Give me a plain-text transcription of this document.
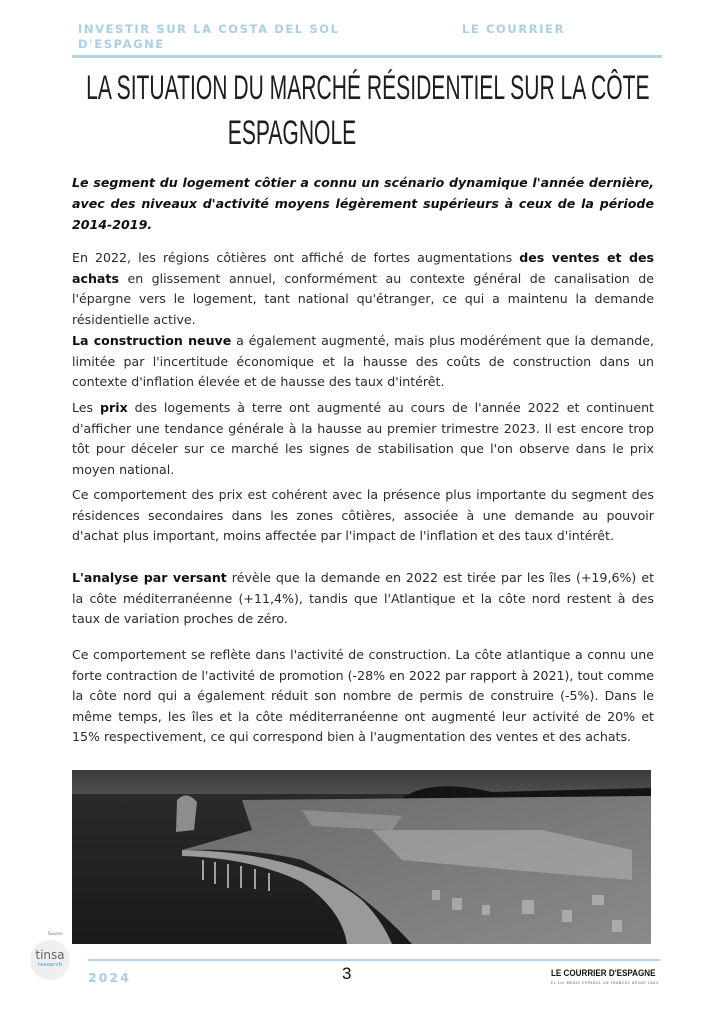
INVESTIR SUR LA COSTA DEL SOL
D'ESPAGNE
LE COURRIER
LA SITUATION DU MARCHÉ RÉSIDENTIEL SUR LA CÔTE
ESPAGNOLE
Le segment du logement côtier a connu un scénario dynamique l'année dernière, avec des niveaux d'activité moyens légèrement supérieurs à ceux de la période 2014-2019.
En 2022, les régions côtières ont affiché de fortes augmentations des ventes et des achats en glissement annuel, conformément au contexte général de canalisation de l'épargne vers le logement, tant national qu'étranger, ce qui a maintenu la demande résidentielle active.
La construction neuve a également augmenté, mais plus modérément que la demande, limitée par l'incertitude économique et la hausse des coûts de construction dans un contexte d'inflation élevée et de hausse des taux d'intérêt.
Les prix des logements à terre ont augmenté au cours de l'année 2022 et continuent d'afficher une tendance générale à la hausse au premier trimestre 2023. Il est encore trop tôt pour déceler sur ce marché les signes de stabilisation que l'on observe dans le prix moyen national.
Ce comportement des prix est cohérent avec la présence plus importante du segment des résidences secondaires dans les zones côtières, associée à une demande au pouvoir d'achat plus important, moins affectée par l'impact de l'inflation et des taux d'intérêt.
L'analyse par versant révèle que la demande en 2022 est tirée par les îles (+19,6%) et la côte méditerranéenne (+11,4%), tandis que l'Atlantique et la côte nord restent à des taux de variation proches de zéro.
Ce comportement se reflète dans l'activité de construction. La côte atlantique a connu une forte contraction de l'activité de promotion (-28% en 2022 par rapport à 2021), tout comme la côte nord qui a également réduit son nombre de permis de construire (-5%). Dans le même temps, les îles et la côte méditerranéenne ont augmenté leur activité de 20% et 15% respectivement, ce qui correspond bien à l'augmentation des ventes et des achats.
Source:
tinsa
research
2024	3	LE COURRIER D'ESPAGNE
EL 1er MEDIO ESPAÑOL EN FRANCÉS DESDE 2004
